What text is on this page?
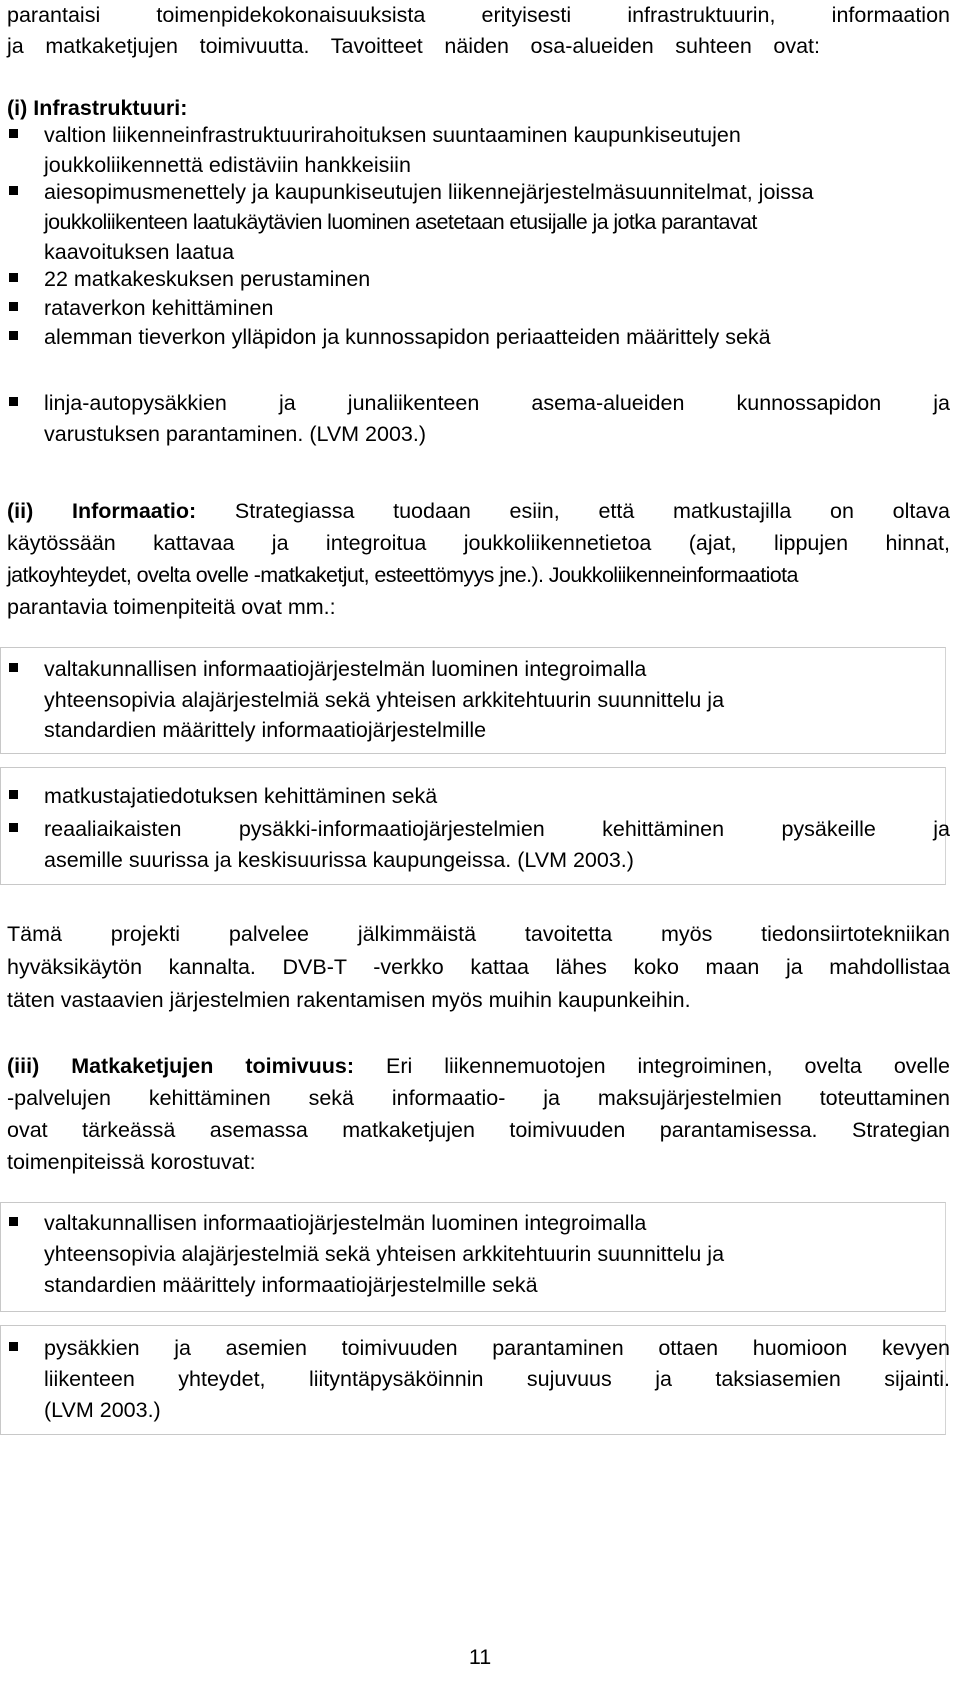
parantaisi toimenpidekokonaisuuksista erityisesti infrastruktuurin, informaation
ja matkaketjujen toimivuutta. Tavoitteet näiden osa-alueiden suhteen ovat:
(i) Infrastruktuuri:
valtion liikenneinfrastruktuurirahoituksen suuntaaminen kaupunkiseutujen
joukkoliikennettä edistäviin hankkeisiin
aiesopimusmenettely ja kaupunkiseutujen liikennejärjestelmäsuunnitelmat, joissa
joukkoliikenteen laatukäytävien luominen asetetaan etusijalle ja jotka parantavat
kaavoituksen laatua
22 matkakeskuksen perustaminen
rataverkon kehittäminen
alemman tieverkon ylläpidon ja kunnossapidon periaatteiden määrittely sekä
linja-autopysäkkien ja junaliikenteen asema-alueiden kunnossapidon ja
varustuksen parantaminen. (LVM 2003.)
(ii) Informaatio: Strategiassa tuodaan esiin, että matkustajilla on oltava
käytössään kattavaa ja integroitua joukkoliikennetietoa (ajat, lippujen hinnat,
jatkoyhteydet, ovelta ovelle -matkaketjut, esteettömyys jne.). Joukkoliikenneinformaatiota
parantavia toimenpiteitä ovat mm.:
valtakunnallisen informaatiojärjestelmän luominen integroimalla
yhteensopivia alajärjestelmiä sekä yhteisen arkkitehtuurin suunnittelu ja
standardien määrittely informaatiojärjestelmille
matkustajatiedotuksen kehittäminen sekä
reaaliaikaisten pysäkki-informaatiojärjestelmien kehittäminen pysäkeille ja
asemille suurissa ja keskisuurissa kaupungeissa. (LVM 2003.)
Tämä projekti palvelee jälkimmäistä tavoitetta myös tiedonsiirtotekniikan
hyväksikäytön kannalta. DVB-T -verkko kattaa lähes koko maan ja mahdollistaa
täten vastaavien järjestelmien rakentamisen myös muihin kaupunkeihin.
(iii) Matkaketjujen toimivuus: Eri liikennemuotojen integroiminen, ovelta ovelle
-palvelujen kehittäminen sekä informaatio- ja maksujärjestelmien toteuttaminen
ovat tärkeässä asemassa matkaketjujen toimivuuden parantamisessa. Strategian
toimenpiteissä korostuvat:
valtakunnallisen informaatiojärjestelmän luominen integroimalla
yhteensopivia alajärjestelmiä sekä yhteisen arkkitehtuurin suunnittelu ja
standardien määrittely informaatiojärjestelmille sekä
pysäkkien ja asemien toimivuuden parantaminen ottaen huomioon kevyen
liikenteen yhteydet, liityntäpysäköinnin sujuvuus ja taksiasemien sijainti.
(LVM 2003.)
11
